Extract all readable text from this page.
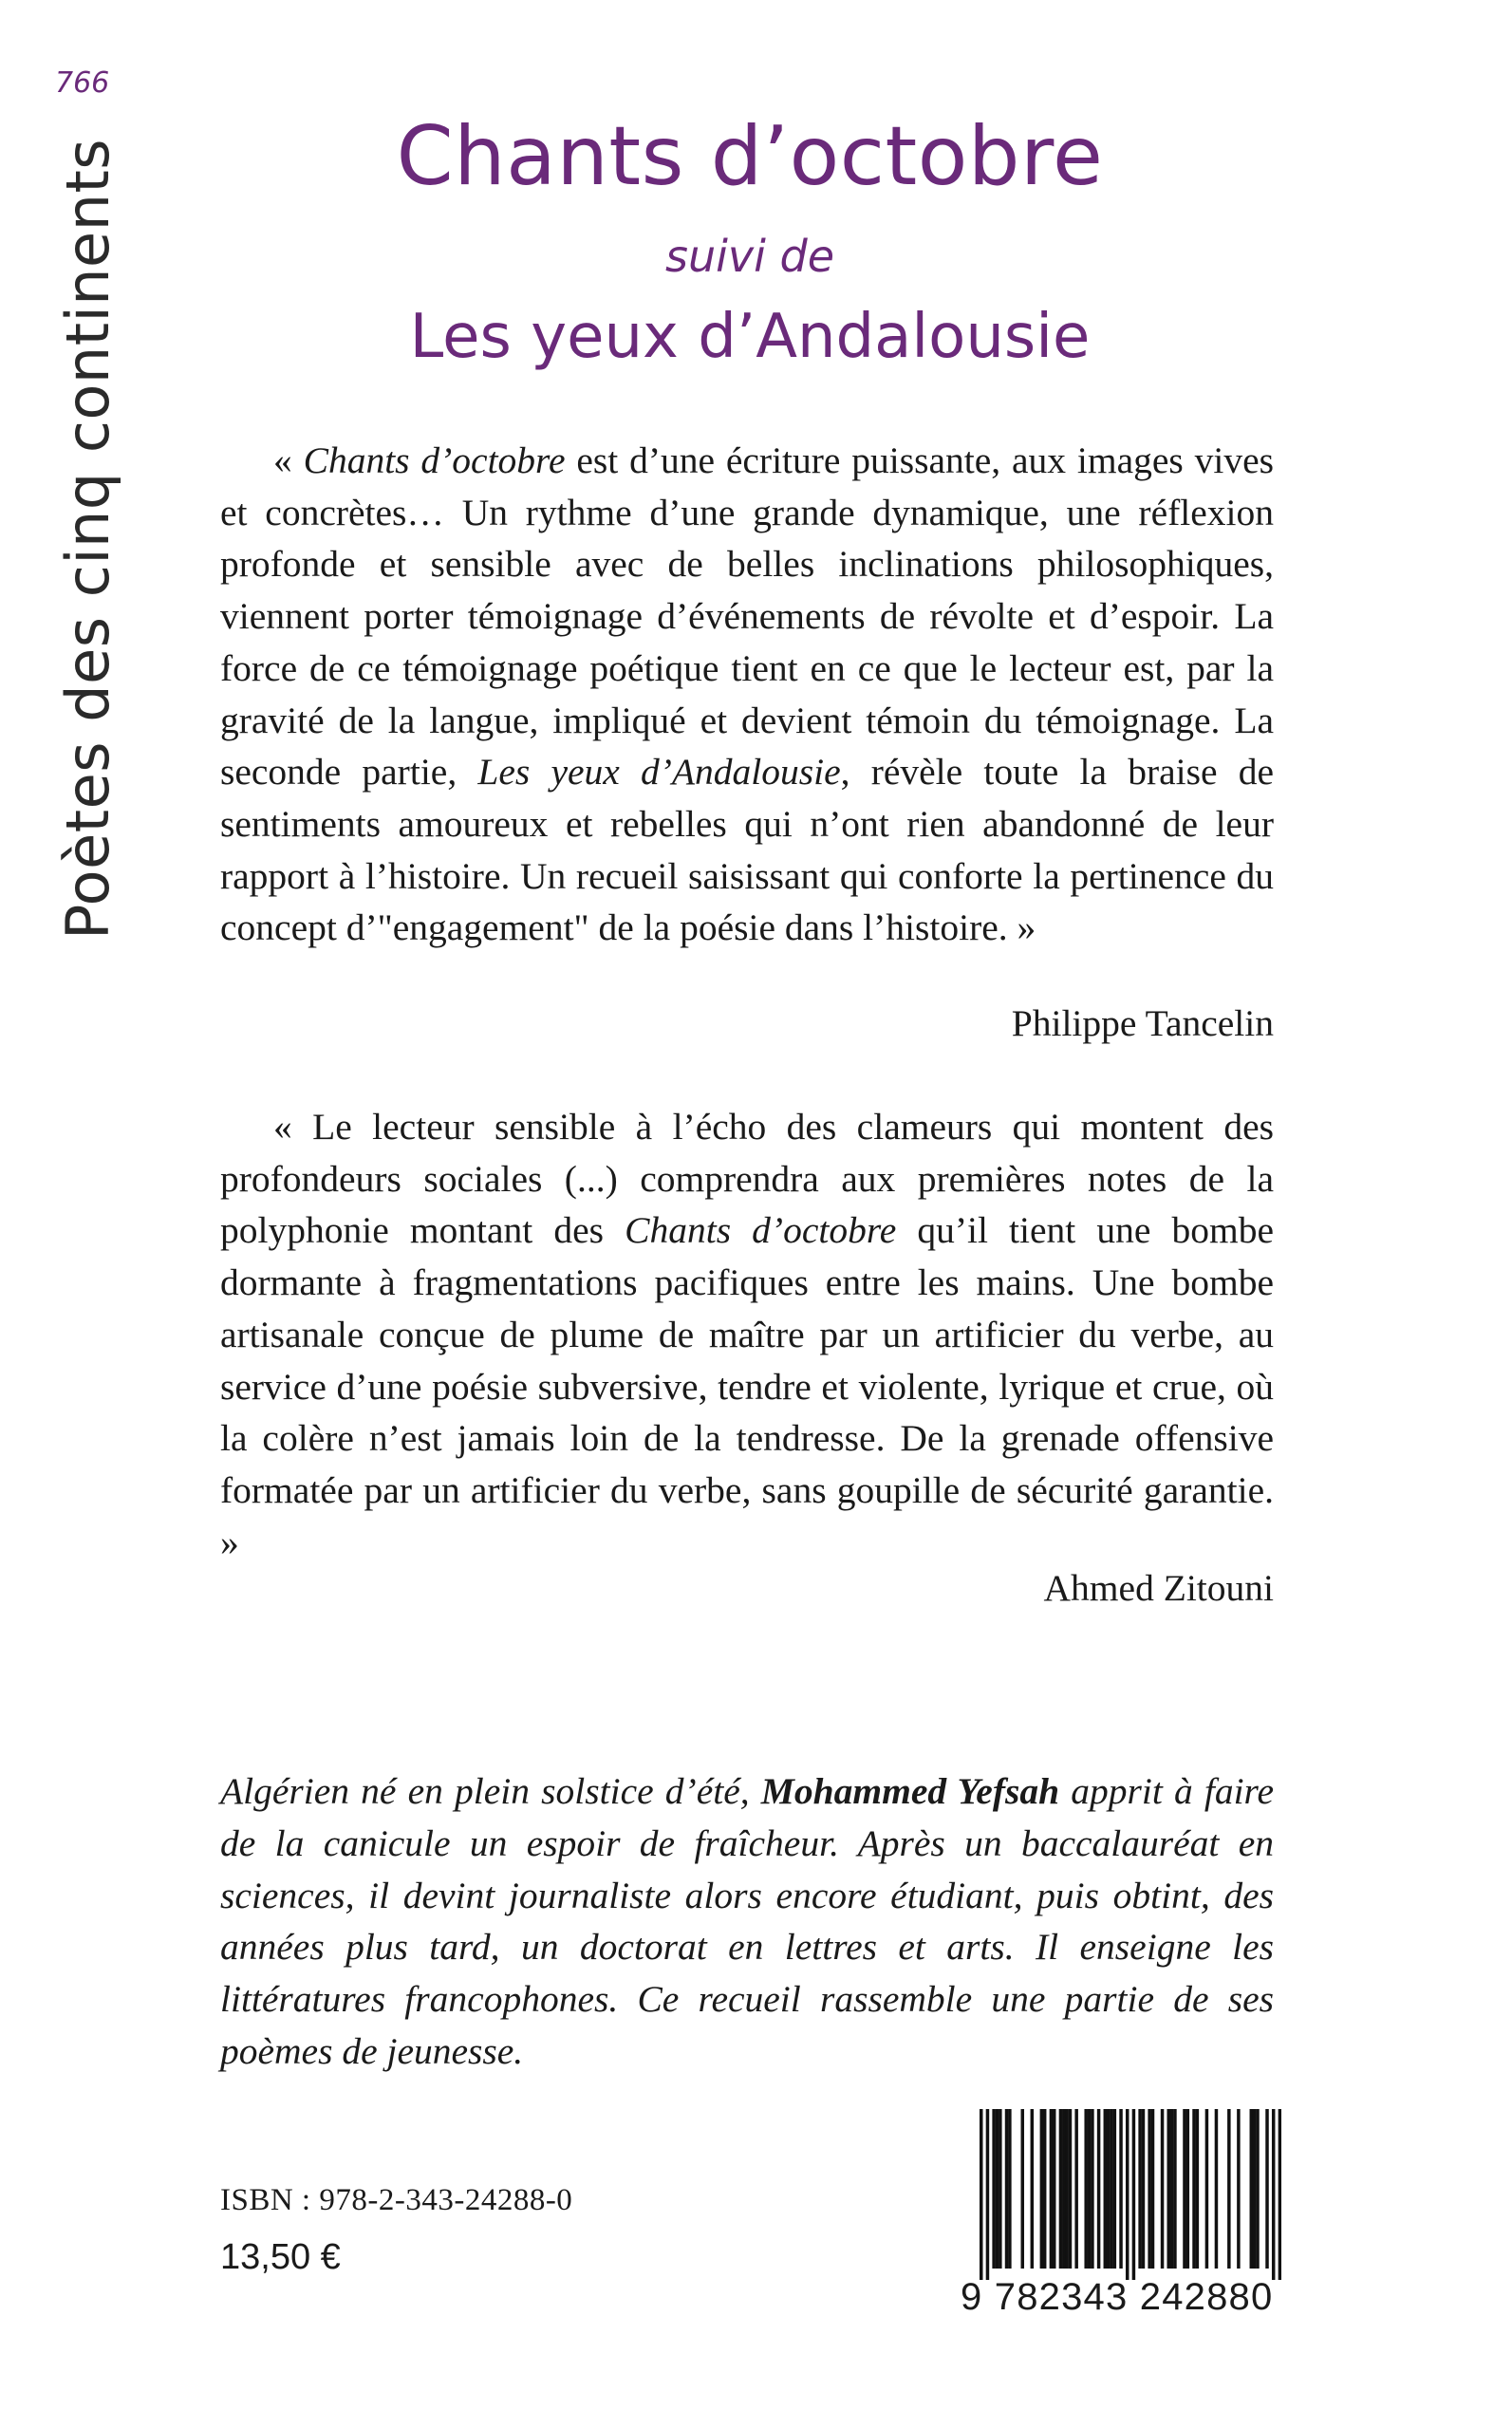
766
Poètes des cinq continents	Chants d’octobre
suivi de
Les yeux d’Andalousie

« Chants d’octobre est d’une écriture puissante, aux images vives et concrètes… Un rythme d’une grande dynamique, une réflexion profonde et sensible avec de belles inclinations philosophiques, viennent porter témoignage d’événements de révolte et d’espoir. La force de ce témoignage poétique tient en ce que le lecteur est, par la gravité de la langue, impliqué et devient témoin du témoignage. La seconde partie, Les yeux d’Andalousie, révèle toute la braise de sentiments amoureux et rebelles qui n’ont rien abandonné de leur rapport à l’histoire. Un recueil saisissant qui conforte la pertinence du concept d’"engagement" de la poésie dans l’histoire. »

Philippe Tancelin

« Le lecteur sensible à l’écho des clameurs qui montent des profondeurs sociales (...) comprendra aux premières notes de la polyphonie montant des Chants d’octobre qu’il tient une bombe dormante à fragmentations pacifiques entre les mains. Une bombe artisanale conçue de plume de maître par un artificier du verbe, au service d’une poésie subversive, tendre et violente, lyrique et crue, où la colère n’est jamais loin de la tendresse. De la grenade offensive formatée par un artificier du verbe, sans goupille de sécurité garantie. »

Ahmed Zitouni

Algérien né en plein solstice d’été, Mohammed Yefsah apprit à faire de la canicule un espoir de fraîcheur. Après un baccalauréat en sciences, il devint journaliste alors encore étudiant, puis obtint, des années plus tard, un doctorat en lettres et arts. Il enseigne les littératures francophones. Ce recueil rassemble une partie de ses poèmes de jeunesse.

ISBN : 978-2-343-24288-0
13,50 €
9 782343 242880
